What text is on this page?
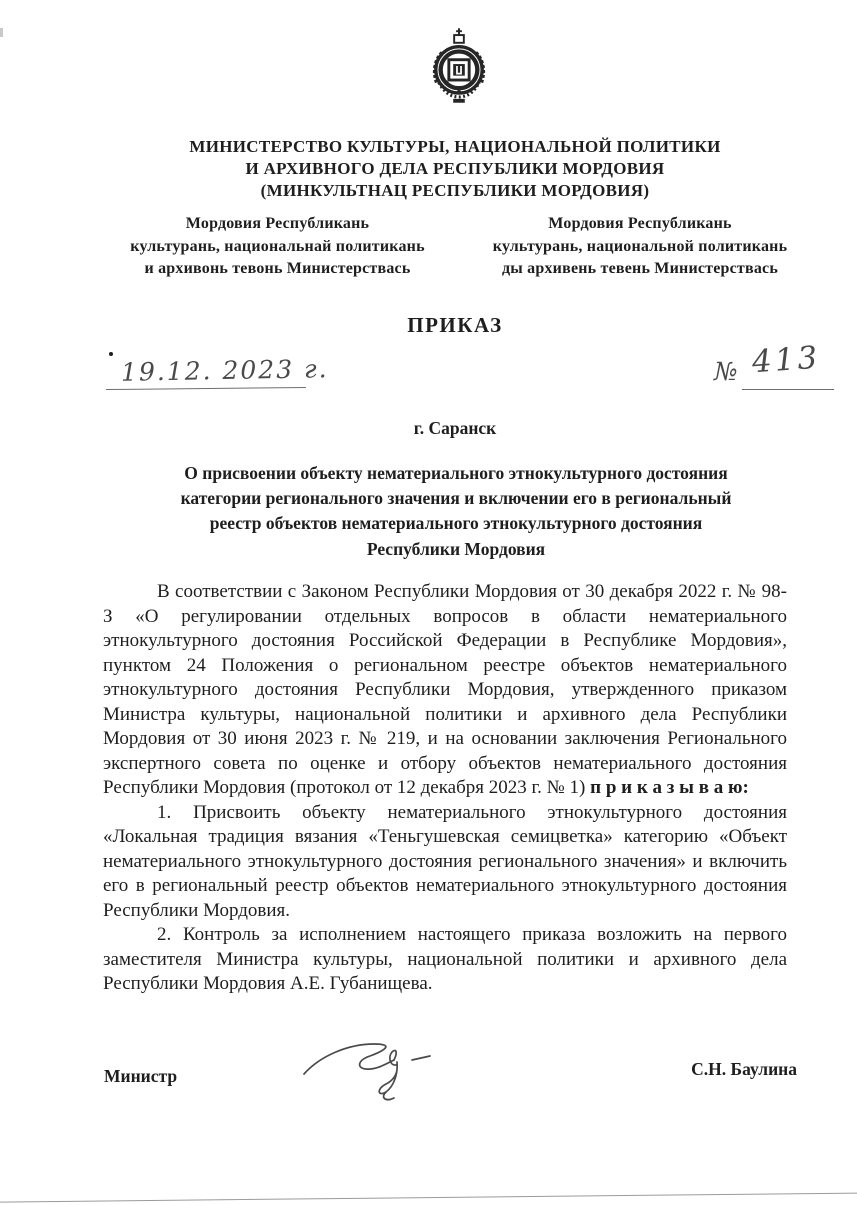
МИНИСТЕРСТВО КУЛЬТУРЫ, НАЦИОНАЛЬНОЙ ПОЛИТИКИ
И АРХИВНОГО ДЕЛА РЕСПУБЛИКИ МОРДОВИЯ
(МИНКУЛЬТНАЦ РЕСПУБЛИКИ МОРДОВИЯ)
Мордовия Республикань
культурань, национальнай политикань
и архивонь тевонь Министерствась
Мордовия Республикань
культурань, национальной политикань
ды архивень тевень Министерствась
ПРИКАЗ
19.12. 2023 г.	№ 413
г. Саранск
О присвоении объекту нематериального этнокультурного достояния
категории регионального значения и включении его в региональный
реестр объектов нематериального этнокультурного достояния
Республики Мордовия

В соответствии с Законом Республики Мордовия от 30 декабря 2022 г. № 98-З «О регулировании отдельных вопросов в области нематериального этнокультурного достояния Российской Федерации в Республике Мордовия», пунктом 24 Положения о региональном реестре объектов нематериального этнокультурного достояния Республики Мордовия, утвержденного приказом Министра культуры, национальной политики и архивного дела Республики Мордовия от 30 июня 2023 г. № 219, и на основании заключения Регионального экспертного совета по оценке и отбору объектов нематериального достояния Республики Мордовия (протокол от 12 декабря 2023 г. № 1) п р и к а з ы в а ю:

1. Присвоить объекту нематериального этнокультурного достояния «Локальная традиция вязания «Теньгушевская семицветка» категорию «Объект нематериального этнокультурного достояния регионального значения» и включить его в региональный реестр объектов нематериального этнокультурного достояния Республики Мордовия.

2. Контроль за исполнением настоящего приказа возложить на первого заместителя Министра культуры, национальной политики и архивного дела Республики Мордовия А.Е. Губанищева.

Министр	С.Н. Баулина
